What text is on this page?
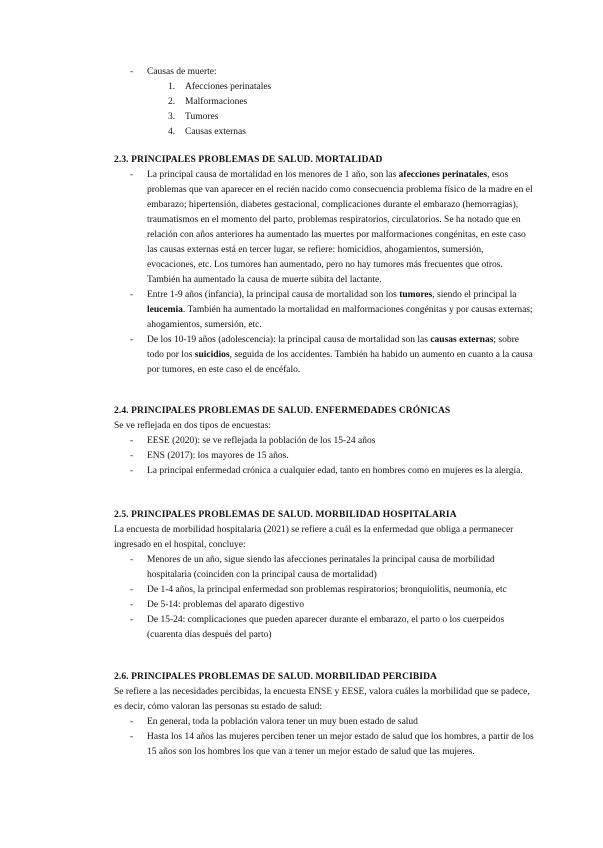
- Causas de muerte:
1. Afecciones perinatales
2. Malformaciones
3. Tumores
4. Causas externas
2.3. PRINCIPALES PROBLEMAS DE SALUD. MORTALIDAD
- La principal causa de mortalidad en los menores de 1 año, son las afecciones perinatales, esos problemas que van aparecer en el recién nacido como consecuencia problema físico de la madre en el embarazo; hipertensión, diabetes gestacional, complicaciones durante el embarazo (hemorragias), traumatismos en el momento del parto, problemas respiratorios, circulatorios. Se ha notado que en relación con años anteriores ha aumentado las muertes por malformaciones congénitas, en este caso las causas externas está en tercer lugar, se refiere: homicidios, ahogamientos, sumersión, evocaciones, etc. Los tumores han aumentado, pero no hay tumores más frecuentes que otros. También ha aumentado la causa de muerte súbita del lactante.
- Entre 1-9 años (infancia), la principal causa de mortalidad son los tumores, siendo el principal la leucemia. También ha aumentado la mortalidad en malformaciones congénitas y por causas externas; ahogamientos, sumersión, etc.
- De los 10-19 años (adolescencia): la principal causa de mortalidad son las causas externas; sobre todo por los suicidios, seguida de los accidentes. También ha habido un aumento en cuanto a la causa por tumores, en este caso el de encéfalo.
2.4. PRINCIPALES PROBLEMAS DE SALUD. ENFERMEDADES CRÓNICAS
Se ve reflejada en dos tipos de encuestas:
- EESE (2020): se ve reflejada la población de los 15-24 años
- ENS (2017): los mayores de 15 años.
- La principal enfermedad crónica a cualquier edad, tanto en hombres como en mujeres es la alergia.
2.5. PRINCIPALES PROBLEMAS DE SALUD. MORBILIDAD HOSPITALARIA
La encuesta de morbilidad hospitalaria (2021) se refiere a cuál es la enfermedad que obliga a permanecer ingresado en el hospital, concluye:
- Menores de un año, sigue siendo las afecciones perinatales la principal causa de morbilidad hospitalaria (coinciden con la principal causa de mortalidad)
- De 1-4 años, la principal enfermedad son problemas respiratorios; bronquiolitis, neumonía, etc
- De 5-14: problemas del aparato digestivo
- De 15-24: complicaciones que pueden aparecer durante el embarazo, el parto o los cuerpeidos (cuarenta días después del parto)
2.6. PRINCIPALES PROBLEMAS DE SALUD. MORBILIDAD PERCIBIDA
Se refiere a las necesidades percibidas, la encuesta ENSE y EESE, valora cuáles la morbilidad que se padece, es decir, cómo valoran las personas su estado de salud:
- En general, toda la población valora tener un muy buen estado de salud
- Hasta los 14 años las mujeres perciben tener un mejor estado de salud que los hombres, a partir de los 15 años son los hombres los que van a tener un mejor estado de salud que las mujeres.
